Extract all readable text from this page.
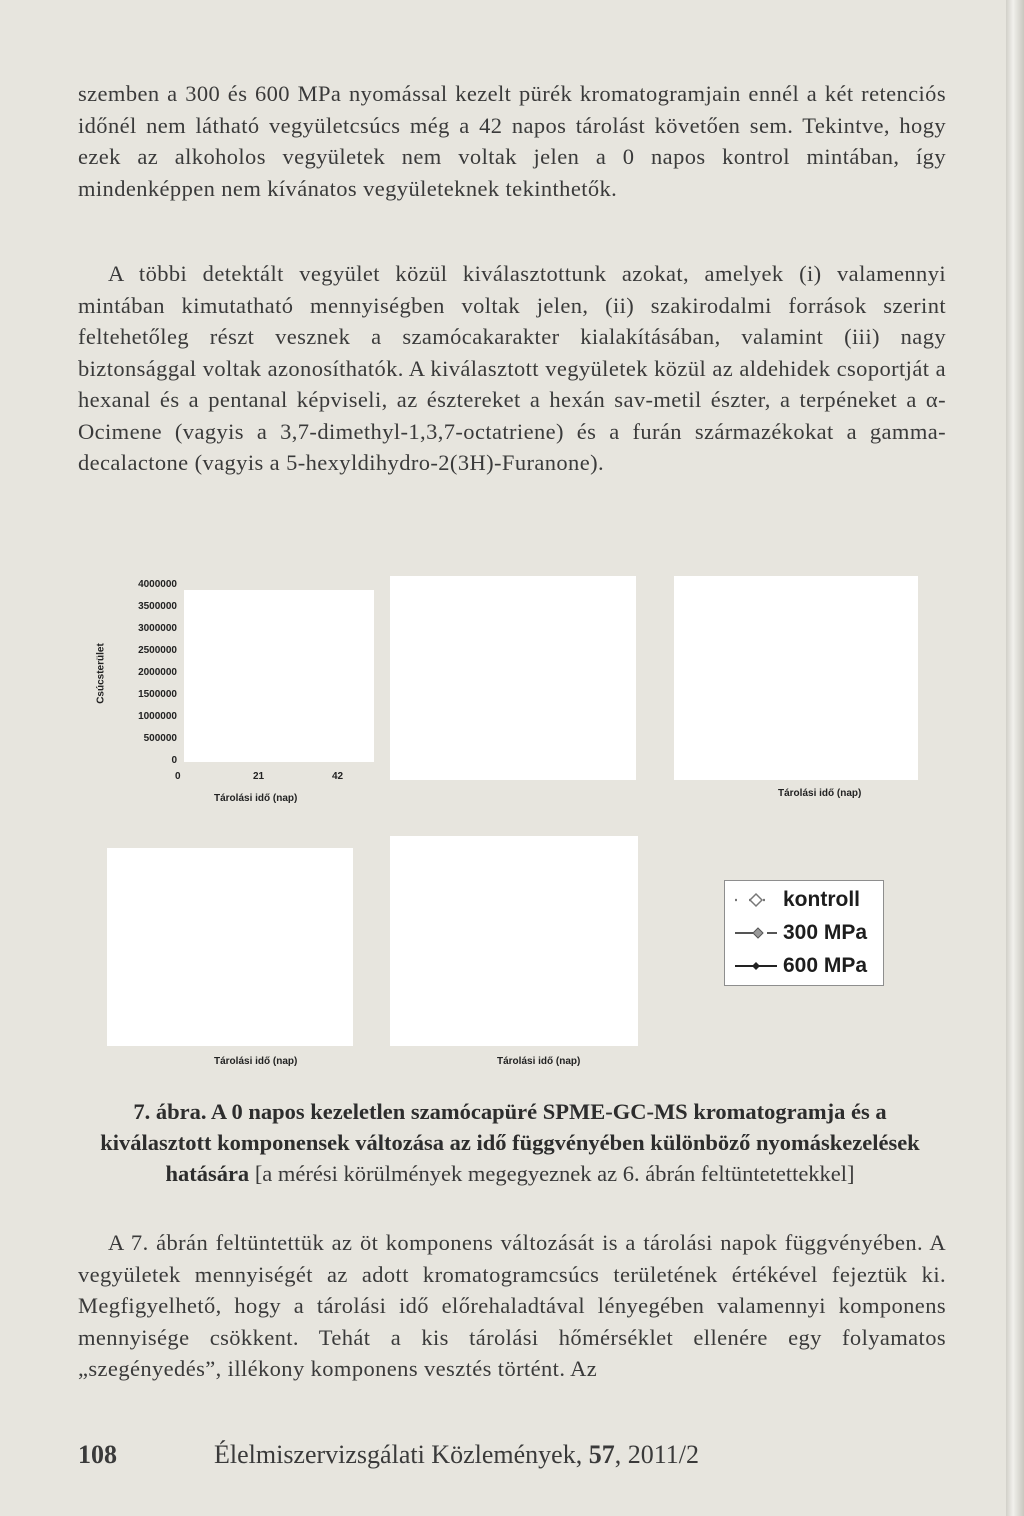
szemben a 300 és 600 MPa nyomással kezelt pürék kromatogramjain ennél a két retenciós időnél nem látható vegyületcsúcs még a 42 napos tárolást követően sem. Tekintve, hogy ezek az alkoholos vegyületek nem voltak jelen a 0 napos kontrol mintában, így mindenképpen nem kívánatos vegyületeknek tekinthetők.

A többi detektált vegyület közül kiválasztottunk azokat, amelyek (i) valamennyi mintában kimutatható mennyiségben voltak jelen, (ii) szakirodalmi források szerint feltehetőleg részt vesznek a szamócakarakter kialakításában, valamint (iii) nagy biztonsággal voltak azonosíthatók. A kiválasztott vegyületek közül az aldehidek csoportját a hexanal és a pentanal képviseli, az észtereket a hexán sav-metil észter, a terpéneket a α-Ocimene (vagyis a 3,7-dimethyl-1,3,7-octatriene) és a furán származékokat a gamma-decalactone (vagyis a 5-hexyldihydro-2(3H)-Furanone).

Csúcsterület

4000000

3500000

3000000

2500000

2000000

1500000

1000000

500000

0

0	21	42

Tárolási idő (nap)	Tárolási idő (nap)

Tárolási idő (nap)	Tárolási idő (nap)

kontroll
300 MPa
600 MPa

7. ábra. A 0 napos kezeletlen szamócapüré SPME-GC-MS kromatogramja és a kiválasztott komponensek változása az idő függvényében különböző nyomáskezelések hatására [a mérési körülmények megegyeznek az 6. ábrán feltüntetettekkel]

A 7. ábrán feltüntettük az öt komponens változását is a tárolási napok függvényében. A vegyületek mennyiségét az adott kromatogramcsúcs területének értékével fejeztük ki. Megfigyelhető, hogy a tárolási idő előrehaladtával lényegében valamennyi komponens mennyisége csökkent. Tehát a kis tárolási hőmérséklet ellenére egy folyamatos „szegényedés”, illékony komponens vesztés történt. Az

108	Élelmiszervizsgálati Közlemények, 57, 2011/2
